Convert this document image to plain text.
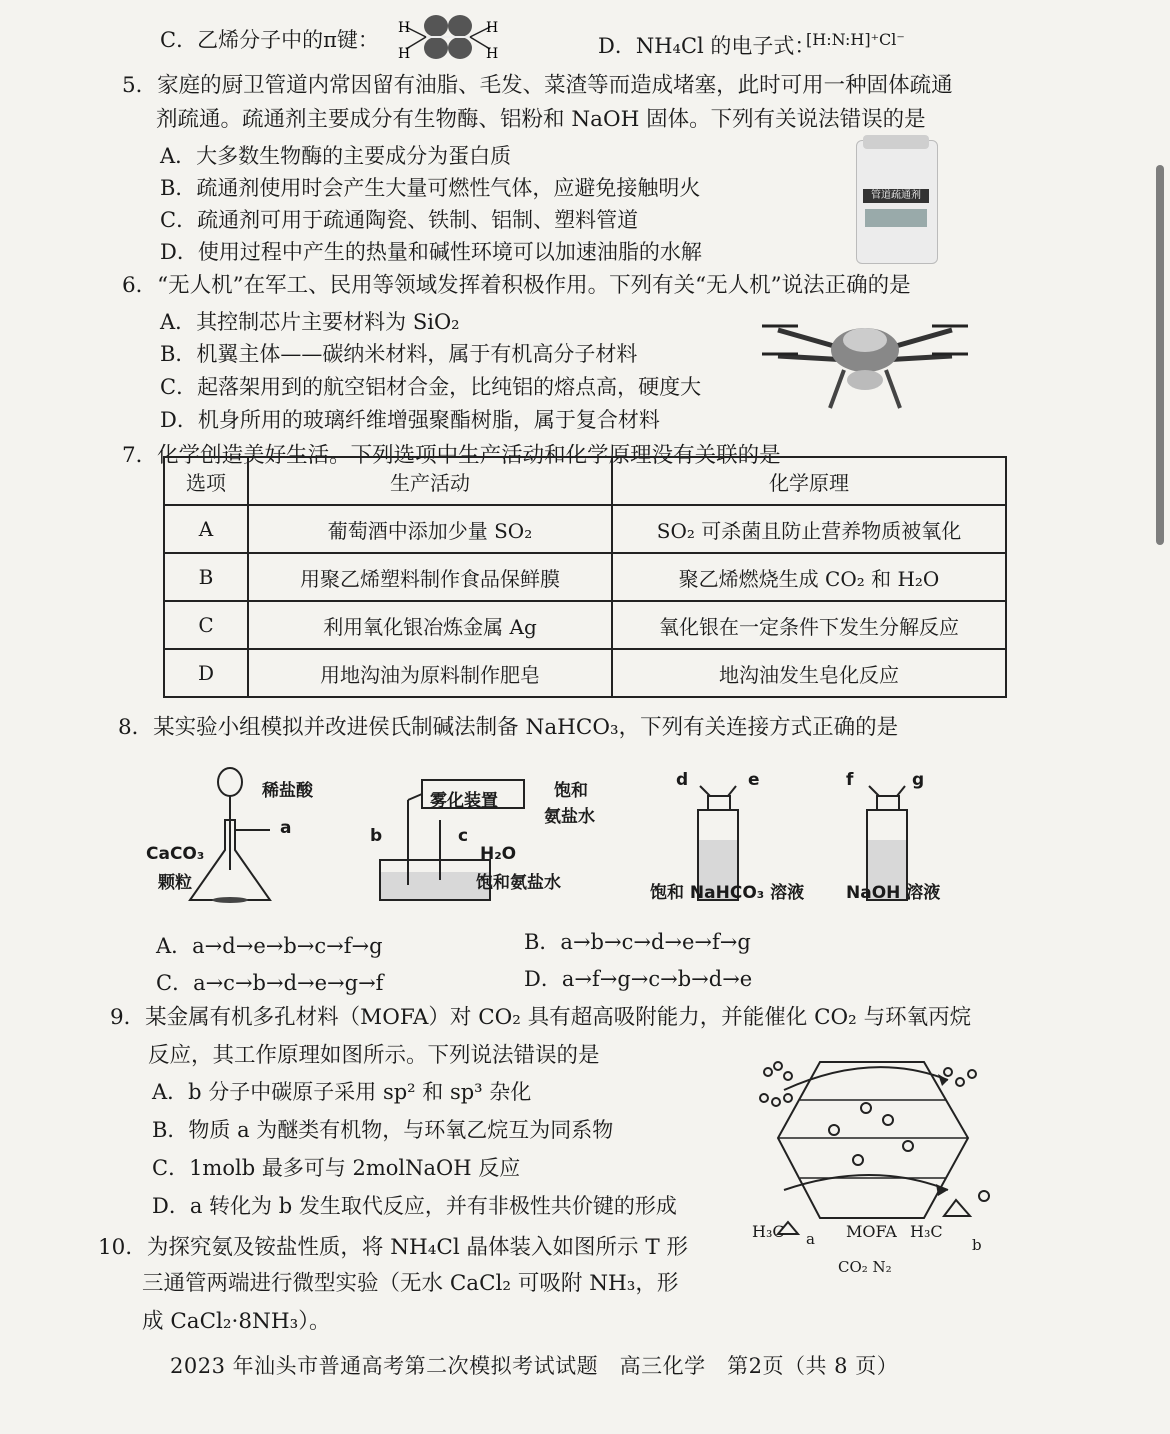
C．乙烯分子中的π键： H
H
H
H	D．NH₄Cl 的电子式：
[H:N:H]⁺Cl⁻
5．家庭的厨卫管道内常因留有油脂、毛发、菜渣等而造成堵塞，此时可用一种固体疏通
剂疏通。疏通剂主要成分有生物酶、铝粉和 NaOH 固体。下列有关说法错误的是
A．大多数生物酶的主要成分为蛋白质
B．疏通剂使用时会产生大量可燃性气体，应避免接触明火
C．疏通剂可用于疏通陶瓷、铁制、铝制、塑料管道
D．使用过程中产生的热量和碱性环境可以加速油脂的水解
管道疏通剂
6．“无人机”在军工、民用等领域发挥着积极作用。下列有关“无人机”说法正确的是
A．其控制芯片主要材料为 SiO₂
B．机翼主体——碳纳米材料，属于有机高分子材料
C．起落架用到的航空铝材合金，比纯铝的熔点高，硬度大
D．机身所用的玻璃纤维增强聚酯树脂，属于复合材料
7．化学创造美好生活。下列选项中生产活动和化学原理没有关联的是
选项	生产活动	化学原理
A	葡萄酒中添加少量 SO₂	SO₂ 可杀菌且防止营养物质被氧化
B	用聚乙烯塑料制作食品保鲜膜	聚乙烯燃烧生成 CO₂ 和 H₂O
C	利用氧化银冶炼金属 Ag	氧化银在一定条件下发生分解反应
D	用地沟油为原料制作肥皂	地沟油发生皂化反应
8．某实验小组模拟并改进侯氏制碱法制备 NaHCO₃，下列有关连接方式正确的是
稀盐酸
a
CaCO₃
颗粒
雾化装置	饱和
氨盐水
b	c
H₂O
饱和氨盐水
d	e	f	g
饱和 NaHCO₃ 溶液 NaOH 溶液
A．a→d→e→b→c→f→g	B．a→b→c→d→e→f→g
C．a→c→b→d→e→g→f	D．a→f→g→c→b→d→e
9．某金属有机多孔材料（MOFA）对 CO₂ 具有超高吸附能力，并能催化 CO₂ 与环氧丙烷
反应，其工作原理如图所示。下列说法错误的是
A．b 分子中碳原子采用 sp² 和 sp³ 杂化
B．物质 a 为醚类有机物，与环氧乙烷互为同系物
C．1molb 最多可与 2molNaOH 反应
D．a 转化为 b 发生取代反应，并有非极性共价键的形成
H₃C a MOFA H₃C
b
CO₂ N₂
10．为探究氨及铵盐性质，将 NH₄Cl 晶体装入如图所示 T 形
三通管两端进行微型实验（无水 CaCl₂ 可吸附 NH₃，形
成 CaCl₂·8NH₃）。
2023 年汕头市普通高考第二次模拟考试试题　高三化学　第2页（共 8 页）
